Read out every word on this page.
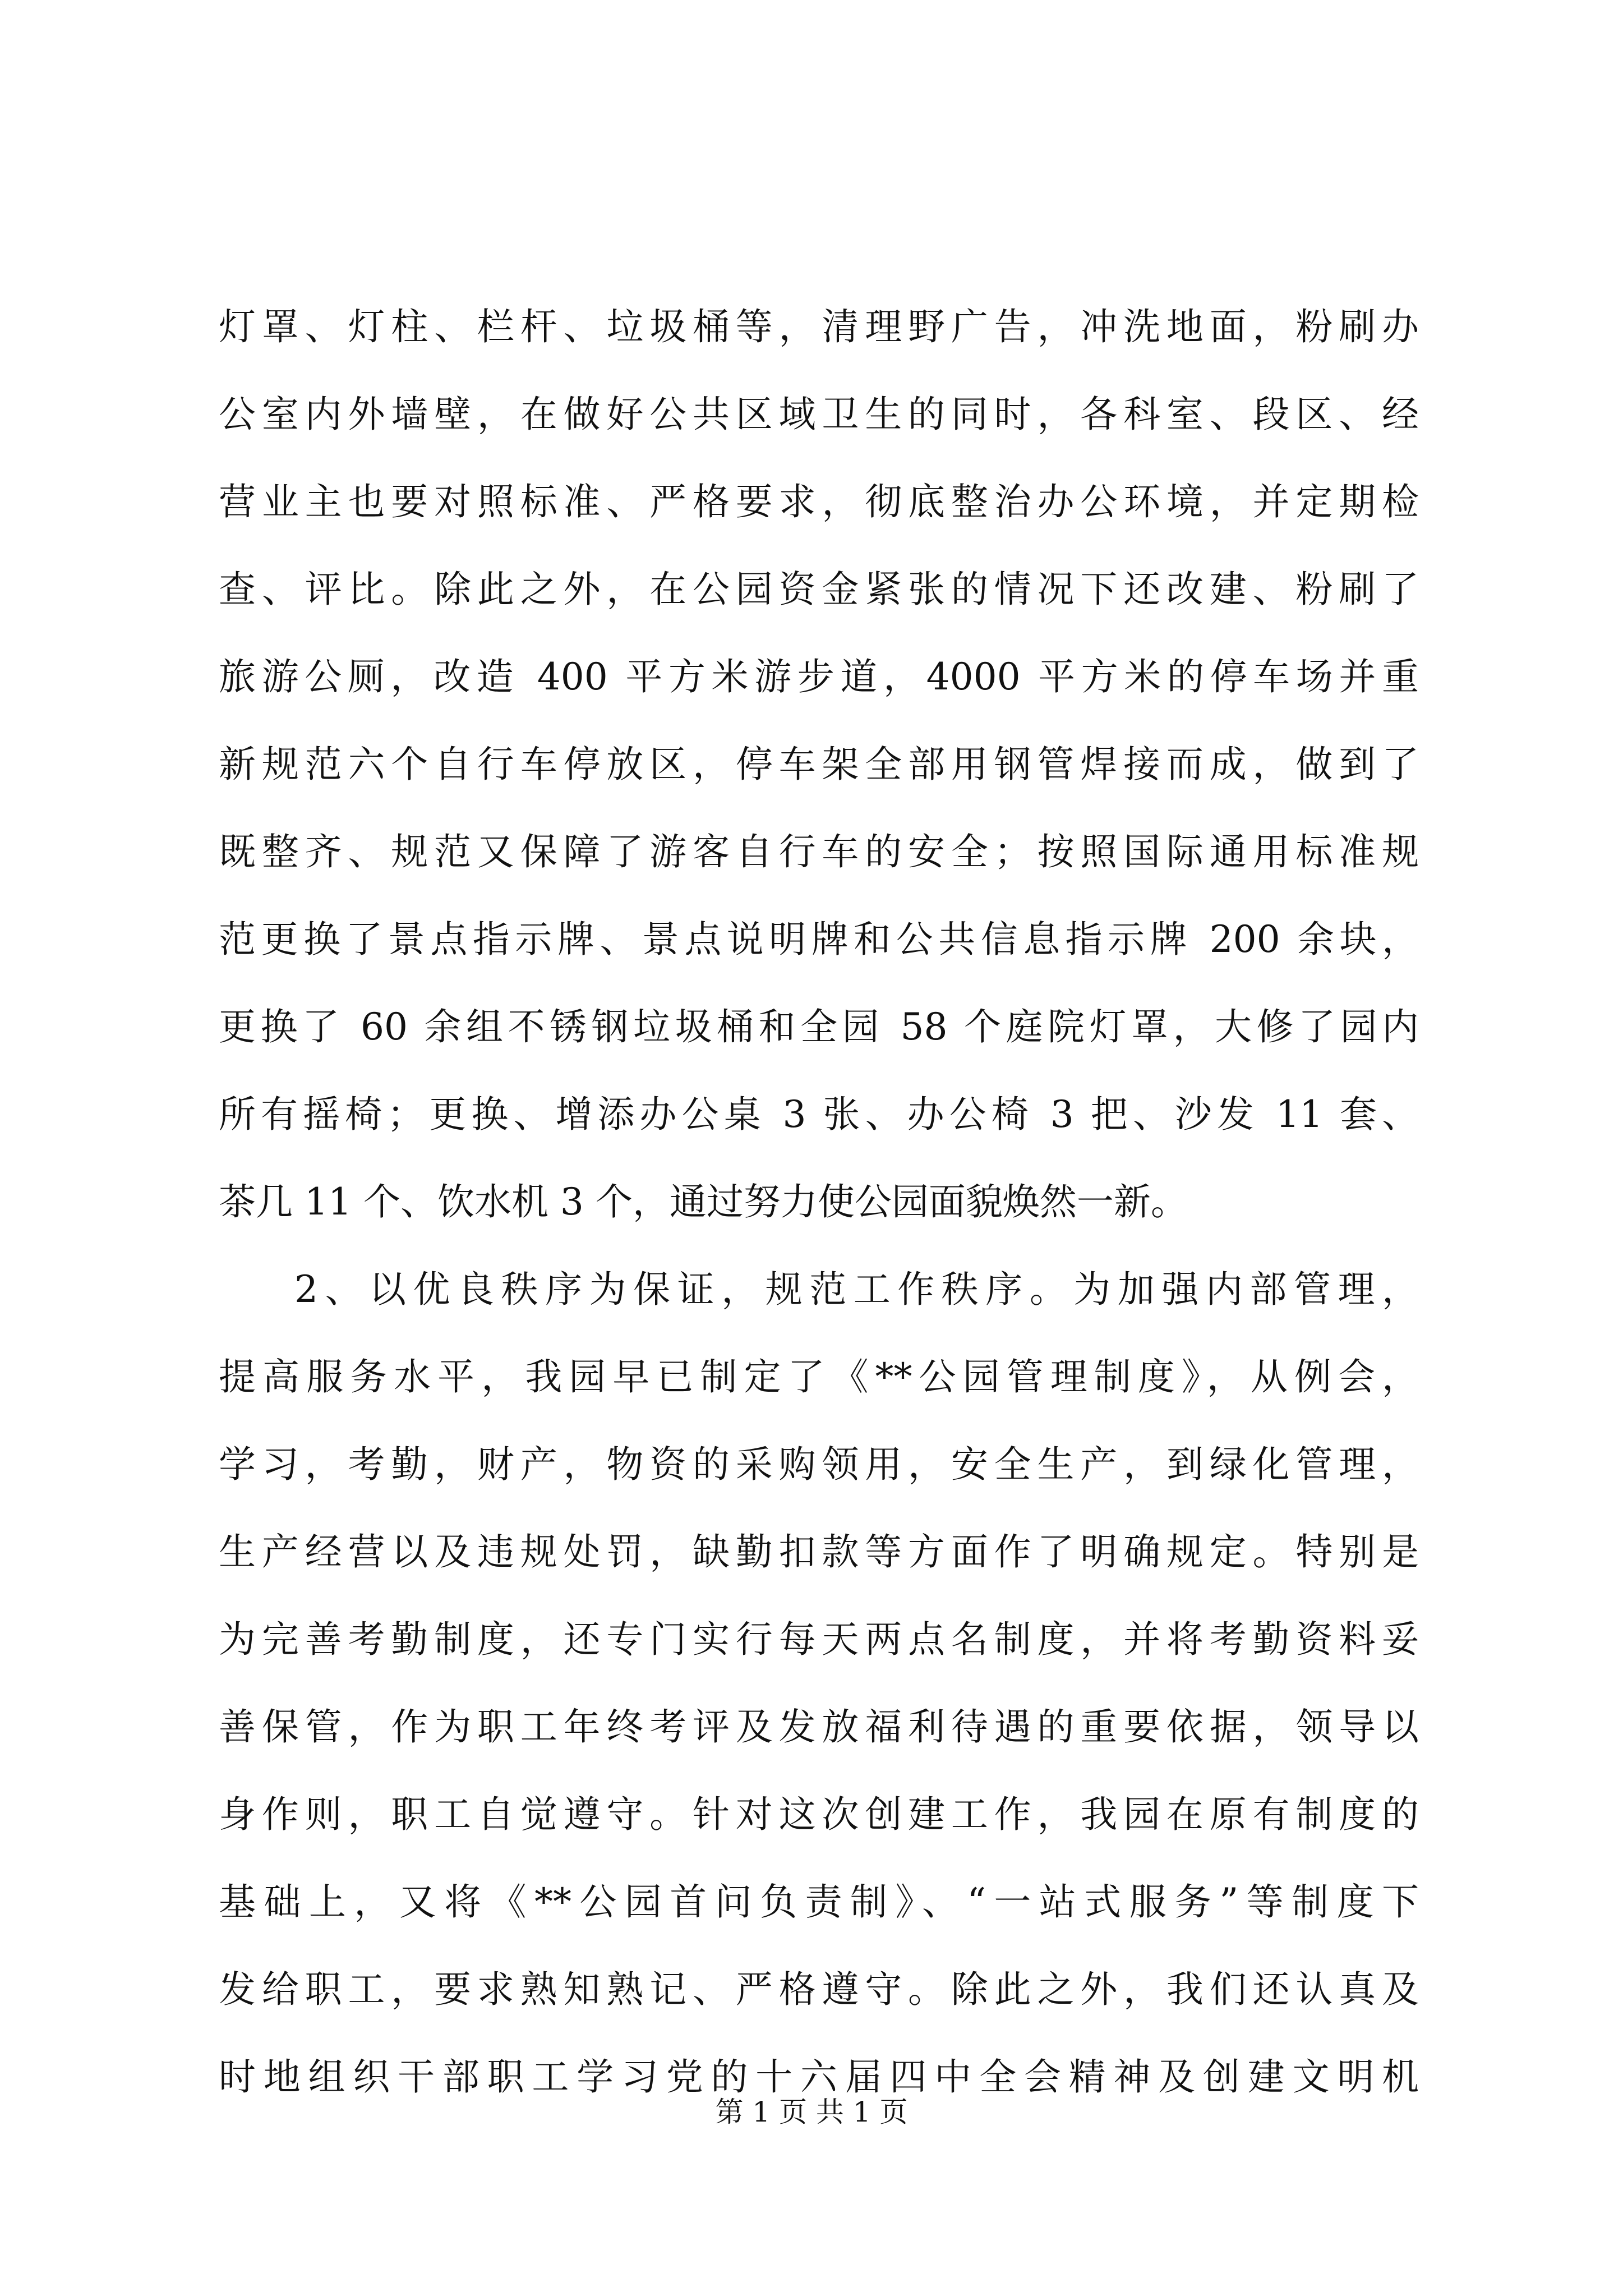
灯罩、灯柱、栏杆、垃圾桶等，清理野广告，冲洗地面，粉刷办
公室内外墙壁，在做好公共区域卫生的同时，各科室、段区、经
营业主也要对照标准、严格要求，彻底整治办公环境，并定期检
查、评比。除此之外，在公园资金紧张的情况下还改建、粉刷了
旅游公厕，改造 400 平方米游步道，4000 平方米的停车场并重
新规范六个自行车停放区，停车架全部用钢管焊接而成，做到了
既整齐、规范又保障了游客自行车的安全；按照国际通用标准规
范更换了景点指示牌、景点说明牌和公共信息指示牌 200 余块，
更换了 60 余组不锈钢垃圾桶和全园 58 个庭院灯罩，大修了园内
所有摇椅；更换、增添办公桌 3 张、办公椅 3 把、沙发 11 套、
茶几 11 个、饮水机 3 个，通过努力使公园面貌焕然一新。
2、以优良秩序为保证，规范工作秩序。为加强内部管理，
提高服务水平，我园早已制定了《**公园管理制度》，从例会，
学习，考勤，财产，物资的采购领用，安全生产，到绿化管理，
生产经营以及违规处罚，缺勤扣款等方面作了明确规定。特别是
为完善考勤制度，还专门实行每天两点名制度，并将考勤资料妥
善保管，作为职工年终考评及发放福利待遇的重要依据，领导以
身作则，职工自觉遵守。针对这次创建工作，我园在原有制度的
基础上，又将《**公园首问负责制》、“一站式服务”等制度下
发给职工，要求熟知熟记、严格遵守。除此之外，我们还认真及
时地组织干部职工学习党的十六届四中全会精神及创建文明机
第 1 页 共 1 页
